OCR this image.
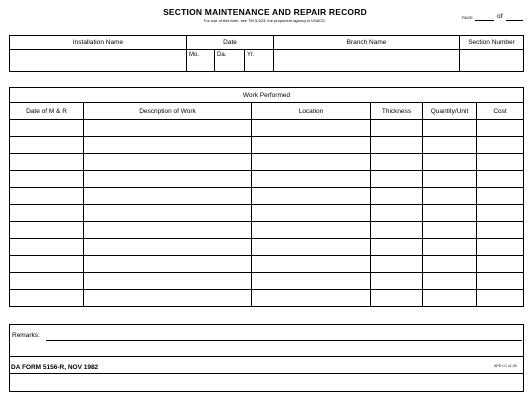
SECTION MAINTENANCE AND REPAIR RECORD
For use of this form, see TM 5-623; the proponent agency is USACE.
PAGE	of
Installation Name	Date			Branch Name	Section Number

	Mo.	Da.	Yr.		

Work Performed					
Date of M & R	Description of Work	Location	Thickness	Quantity/Unit	Cost

Remarks:
DA FORM 5156-R, NOV 1982	APD LC v1.00
